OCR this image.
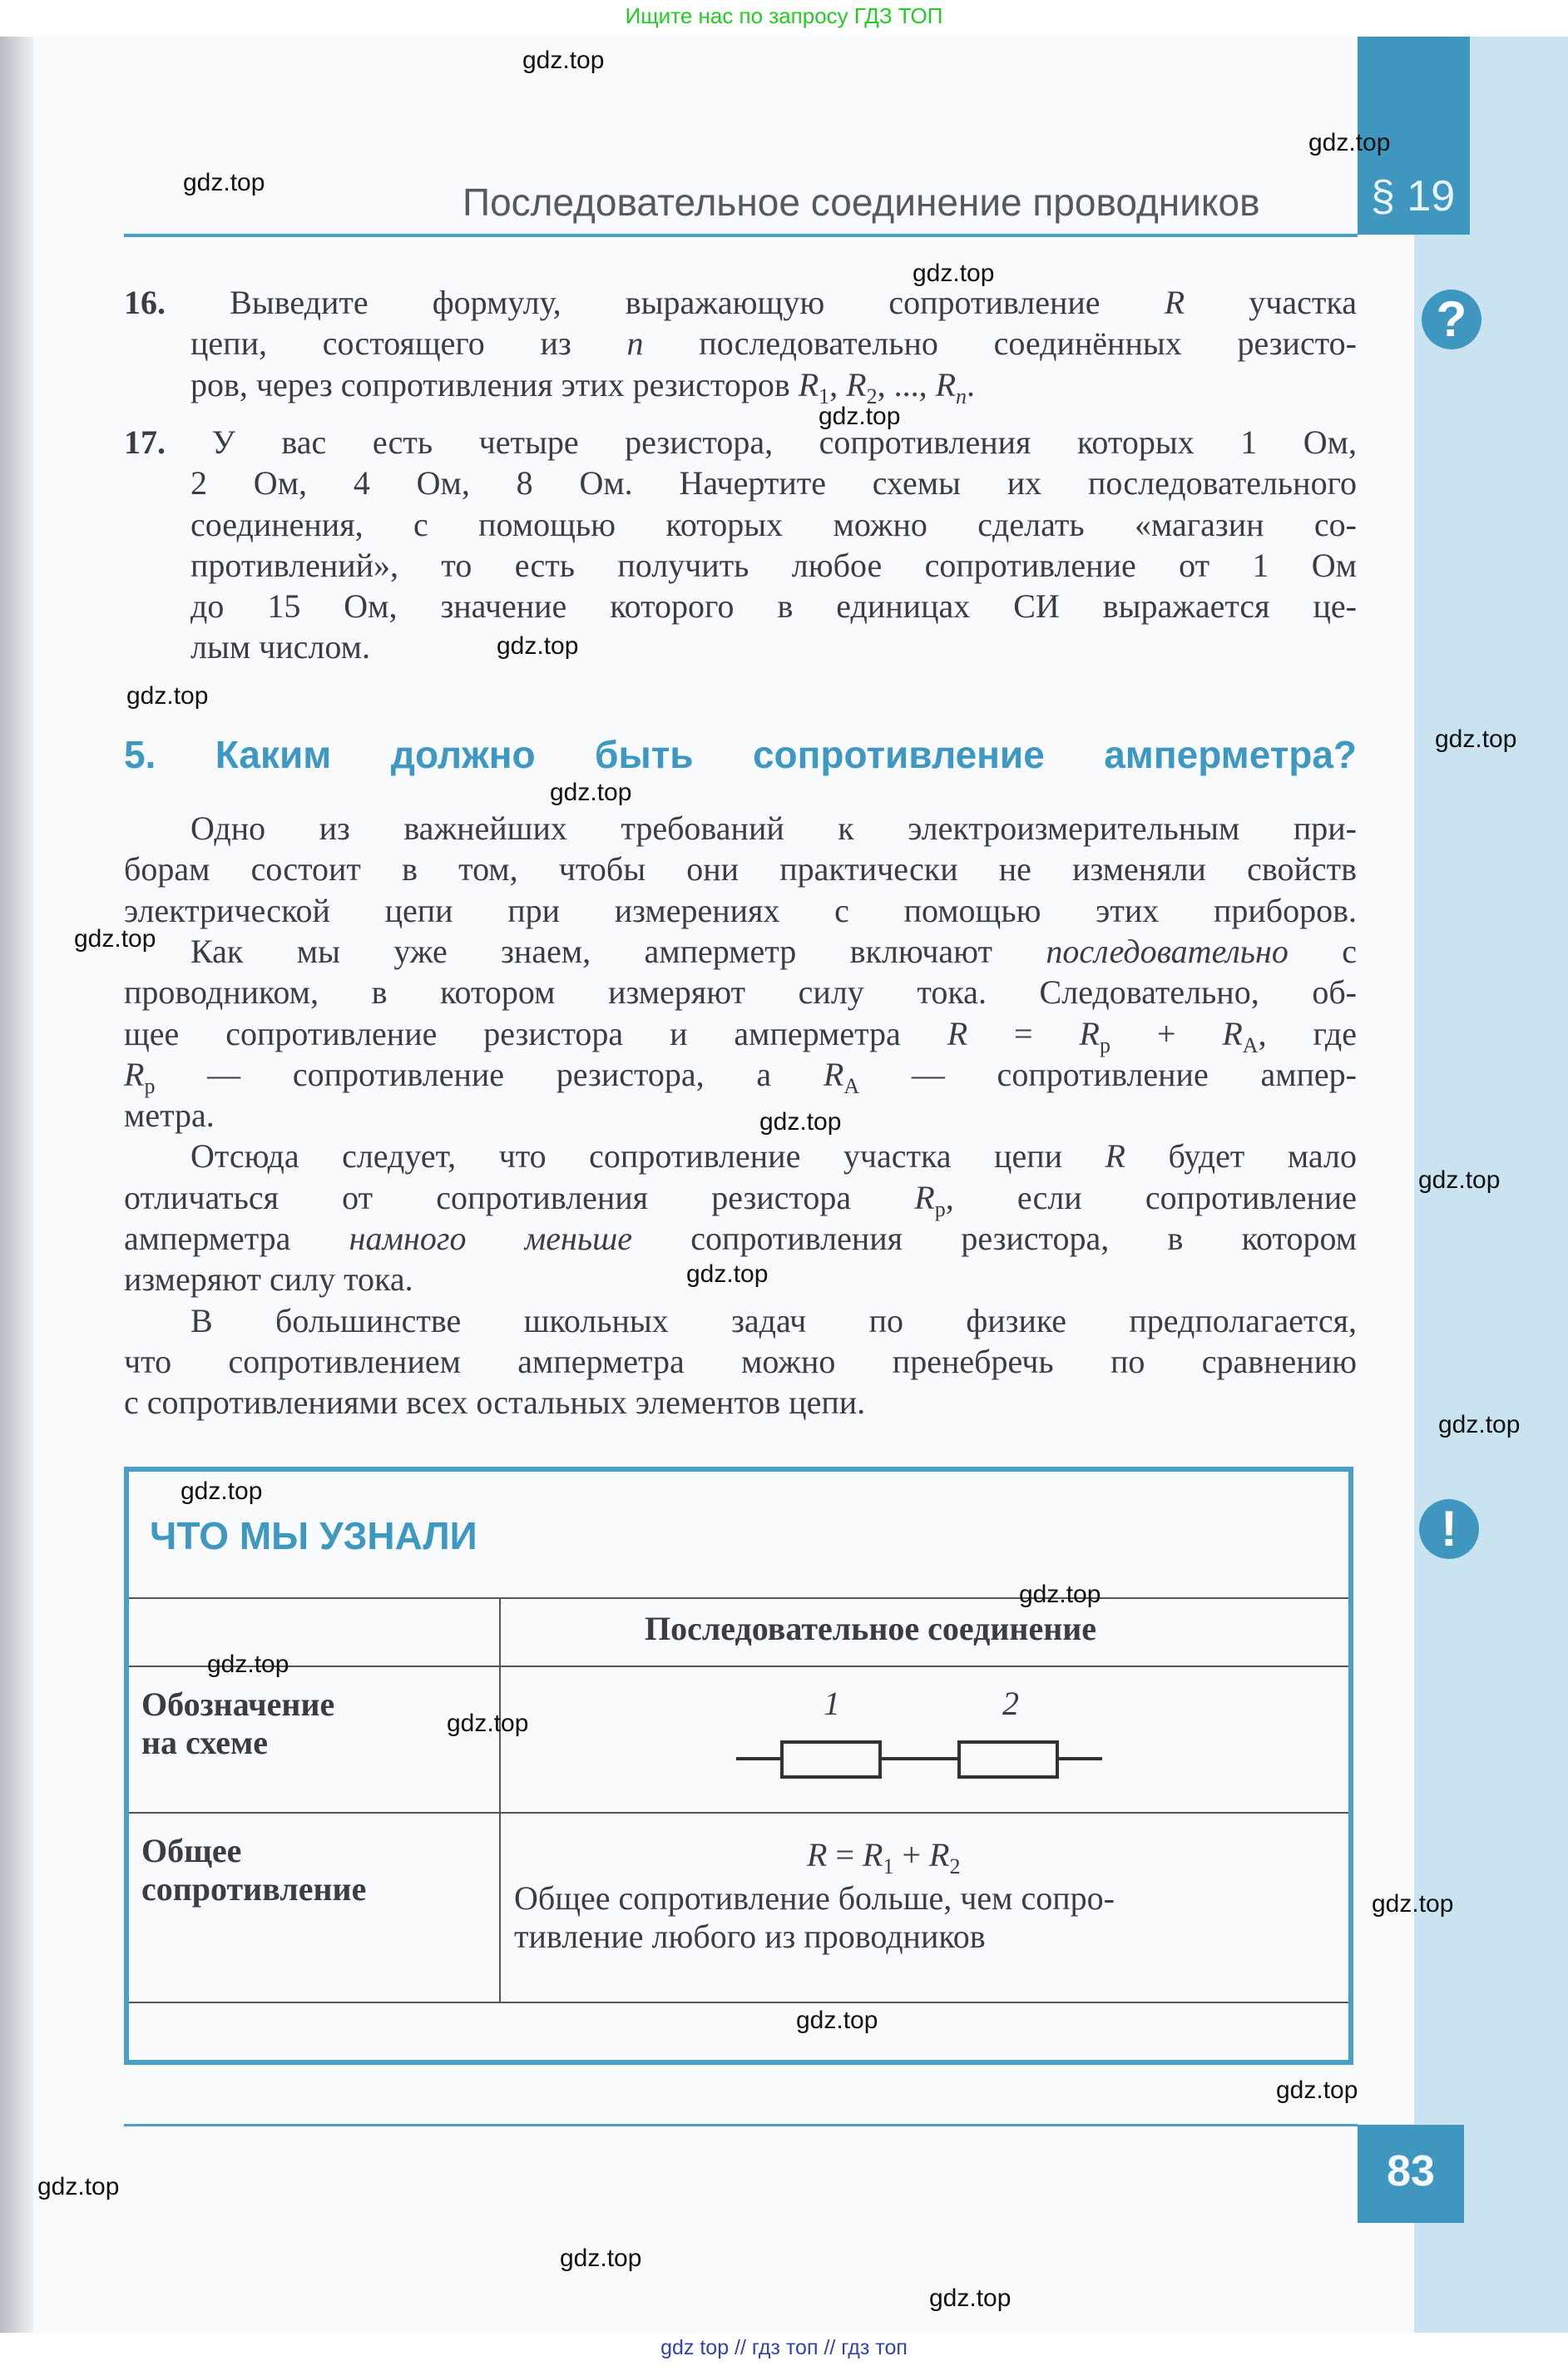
Ищите нас по запросу ГДЗ ТОП
Последовательное соединение проводников	§ 19
?
!
16. Выведите формулу, выражающую сопротивление R участка
цепи, состоящего из n последовательно соединённых резисто-
ров, через сопротивления этих резисторов $R_1$, $R_2$, ..., $R_n$.
17. У вас есть четыре резистора, сопротивления которых 1 Ом,
2 Ом, 4 Ом, 8 Ом. Начертите схемы их последовательного
соединения, с помощью которых можно сделать «магазин со-
противлений», то есть получить любое сопротивление от 1 Ом
до 15 Ом, значение которого в единицах СИ выражается це-
лым числом.
Одно из важнейших требований к электроизмерительным при-
борам состоит в том, чтобы они практически не изменяли свойств
электрической цепи при измерениях с помощью этих приборов.
Как мы уже знаем, амперметр включают последовательно с
проводником, в котором измеряют силу тока. Следовательно, об-
щее сопротивление резистора и амперметра $R = R_р + R_А$, где
$R_р$ — сопротивление резистора, а $R_А$ — сопротивление ампер-
метра.
Отсюда следует, что сопротивление участка цепи R будет мало
отличаться от сопротивления резистора $R_р$, если сопротивление
амперметра намного меньше сопротивления резистора, в котором
измеряют силу тока.
В большинстве школьных задач по физике предполагается,
что сопротивлением амперметра можно пренебречь по сравнению
с сопротивлениями всех остальных элементов цепи.
5. Каким должно быть сопротивление амперметра?
ЧТО МЫ УЗНАЛИ
Последовательное соединение
Обозначение
на схеме
1	2
Общее
сопротивление
$R = R_1 + R_2$
Общее сопротивление больше, чем сопро-
тивление любого из проводников
83
gdz.top
gdz.top
gdz.top
gdz.top
gdz.top
gdz.top
gdz.top
gdz.top
gdz.top
gdz.top
gdz.top
gdz.top
gdz.top
gdz.top
gdz.top
gdz.top
gdz.top
gdz.top
gdz.top
gdz.top
gdz.top
gdz.top
gdz.top
gdz.top
gdz top // гдз топ // гдз топ
